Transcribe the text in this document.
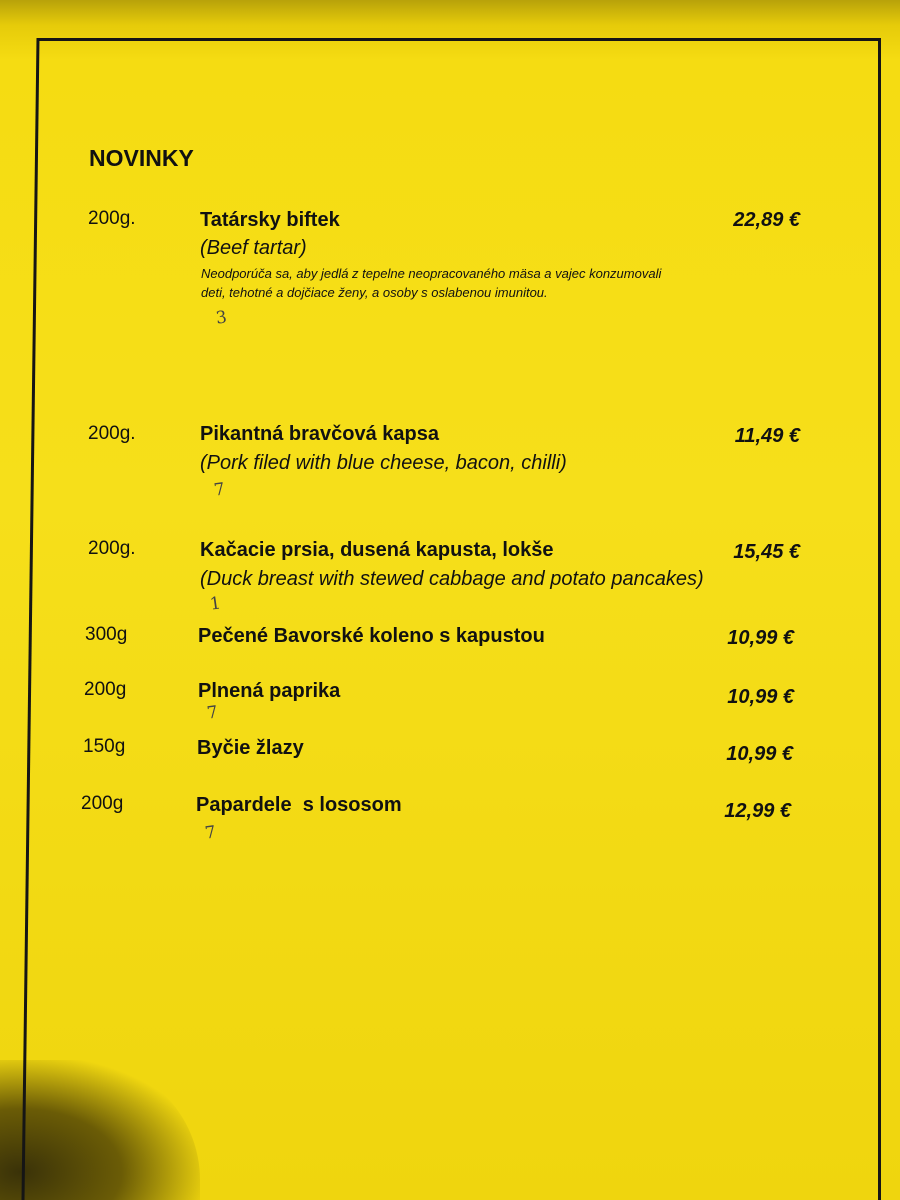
NOVINKY
200g.	Tatársky biftek	22,89 €
(Beef tartar)
Neodporúča sa, aby jedlá z tepelne neopracovaného mäsa a vajec konzumovali
deti, tehotné a dojčiace ženy, a osoby s oslabenou imunitou.
3
200g.	Pikantná bravčová kapsa	11,49 €
(Pork filed with blue cheese, bacon, chilli)
7
200g.	Kačacie prsia, dusená kapusta, lokše	15,45 €
(Duck breast with stewed cabbage and potato pancakes)
1
300g	Pečené Bavorské koleno s kapustou	10,99 €
200g	Plnená paprika	10,99 €
7
150g	Byčie žlazy	10,99 €
200g	Papardele  s lososom	12,99 €
7
